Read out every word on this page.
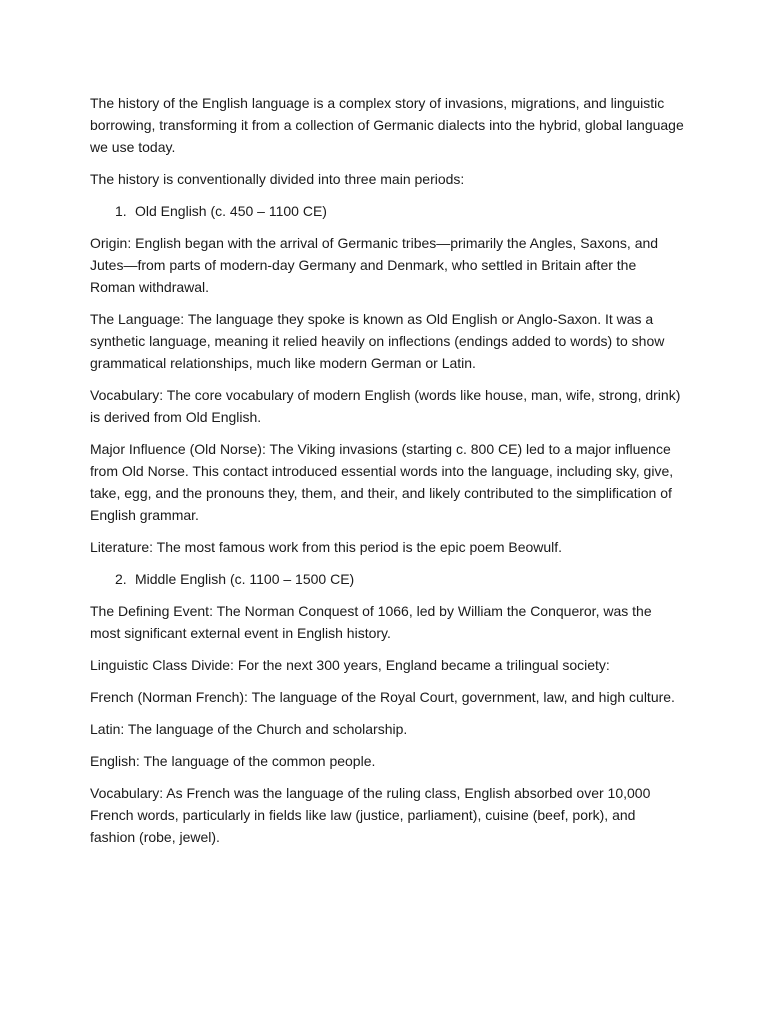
The history of the English language is a complex story of invasions, migrations, and linguistic borrowing, transforming it from a collection of Germanic dialects into the hybrid, global language we use today.

The history is conventionally divided into three main periods:

1. Old English (c. 450 – 1100 CE)

Origin: English began with the arrival of Germanic tribes—primarily the Angles, Saxons, and Jutes—from parts of modern-day Germany and Denmark, who settled in Britain after the Roman withdrawal.

The Language: The language they spoke is known as Old English or Anglo-Saxon. It was a synthetic language, meaning it relied heavily on inflections (endings added to words) to show grammatical relationships, much like modern German or Latin.

Vocabulary: The core vocabulary of modern English (words like house, man, wife, strong, drink) is derived from Old English.

Major Influence (Old Norse): The Viking invasions (starting c. 800 CE) led to a major influence from Old Norse. This contact introduced essential words into the language, including sky, give, take, egg, and the pronouns they, them, and their, and likely contributed to the simplification of English grammar.

Literature: The most famous work from this period is the epic poem Beowulf.

2. Middle English (c. 1100 – 1500 CE)

The Defining Event: The Norman Conquest of 1066, led by William the Conqueror, was the most significant external event in English history.

Linguistic Class Divide: For the next 300 years, England became a trilingual society:

French (Norman French): The language of the Royal Court, government, law, and high culture.

Latin: The language of the Church and scholarship.

English: The language of the common people.

Vocabulary: As French was the language of the ruling class, English absorbed over 10,000 French words, particularly in fields like law (justice, parliament), cuisine (beef, pork), and fashion (robe, jewel).
